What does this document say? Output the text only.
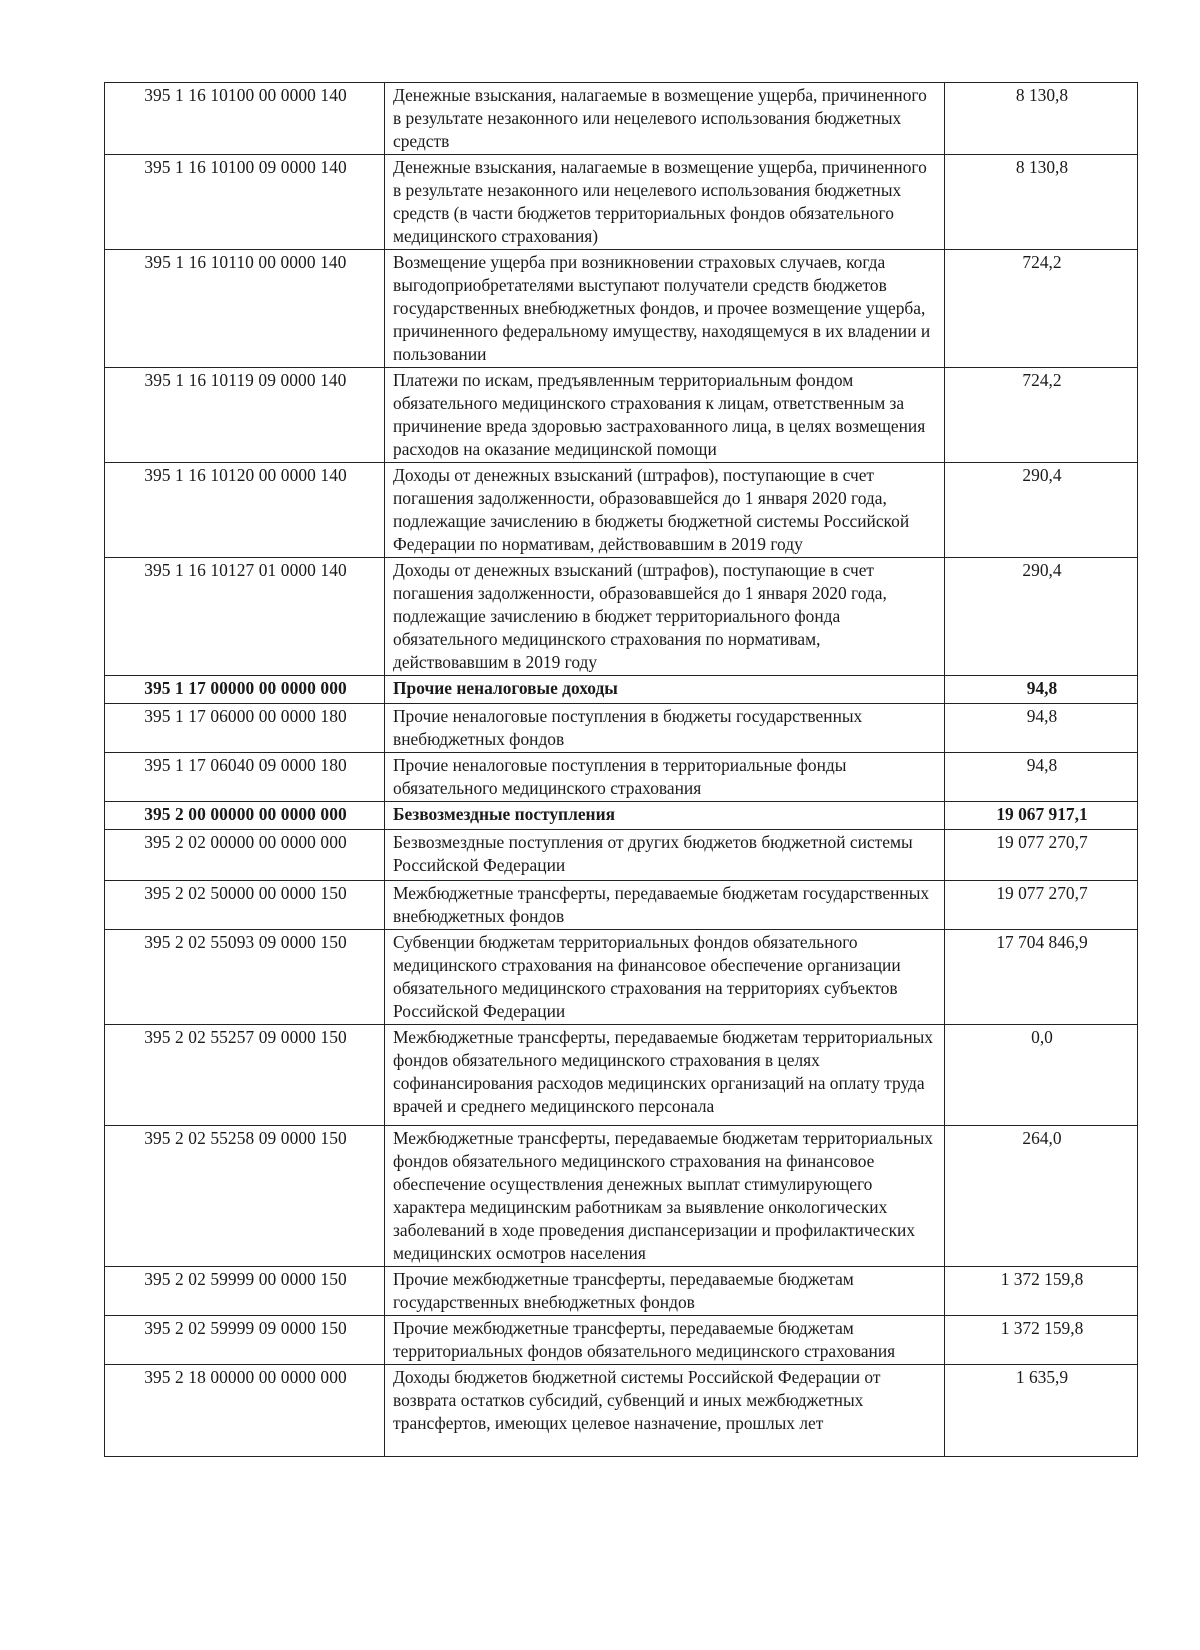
395 1 16 10100 00 0000 140	Денежные взыскания, налагаемые в возмещение ущерба, причиненного в результате незаконного или нецелевого использования бюджетных средств	8 130,8
395 1 16 10100 09 0000 140	Денежные взыскания, налагаемые в возмещение ущерба, причиненного в результате незаконного или нецелевого использования бюджетных средств (в части бюджетов территориальных фондов обязательного медицинского страхования)	8 130,8
395 1 16 10110 00 0000 140	Возмещение ущерба при возникновении страховых случаев, когда выгодоприобретателями выступают получатели средств бюджетов государственных внебюджетных фондов, и прочее возмещение ущерба, причиненного федеральному имуществу, находящемуся в их владении и пользовании	724,2
395 1 16 10119 09 0000 140	Платежи по искам, предъявленным территориальным фондом обязательного медицинского страхования к лицам, ответственным за причинение вреда здоровью застрахованного лица, в целях возмещения расходов на оказание медицинской помощи	724,2
395 1 16 10120 00 0000 140	Доходы от денежных взысканий (штрафов), поступающие в счет погашения задолженности, образовавшейся до 1 января 2020 года, подлежащие зачислению в бюджеты бюджетной системы Российской Федерации по нормативам, действовавшим в 2019 году	290,4
395 1 16 10127 01 0000 140	Доходы от денежных взысканий (штрафов), поступающие в счет погашения задолженности, образовавшейся до 1 января 2020 года, подлежащие зачислению в бюджет территориального фонда обязательного медицинского страхования по нормативам, действовавшим в 2019 году	290,4
395 1 17 00000 00 0000 000	Прочие неналоговые доходы	94,8
395 1 17 06000 00 0000 180	Прочие неналоговые поступления в бюджеты государственных внебюджетных фондов	94,8
395 1 17 06040 09 0000 180	Прочие неналоговые поступления в территориальные фонды обязательного медицинского страхования	94,8
395 2 00 00000 00 0000 000	Безвозмездные поступления	19 067 917,1
395 2 02 00000 00 0000 000	Безвозмездные поступления от других бюджетов бюджетной системы Российской Федерации	19 077 270,7
395 2 02 50000 00 0000 150	Межбюджетные трансферты, передаваемые бюджетам государственных внебюджетных фондов	19 077 270,7
395 2 02 55093 09 0000 150	Субвенции бюджетам территориальных фондов обязательного медицинского страхования на финансовое обеспечение организации обязательного медицинского страхования на территориях субъектов Российской Федерации	17 704 846,9
395 2 02 55257 09 0000 150	Межбюджетные трансферты, передаваемые бюджетам территориальных фондов обязательного медицинского страхования в целях софинансирования расходов медицинских организаций на оплату труда врачей и среднего медицинского персонала	0,0
395 2 02 55258 09 0000 150	Межбюджетные трансферты, передаваемые бюджетам территориальных фондов обязательного медицинского страхования на финансовое обеспечение осуществления денежных выплат стимулирующего характера медицинским работникам за выявление онкологических заболеваний в ходе проведения диспансеризации и профилактических медицинских осмотров населения	264,0
395 2 02 59999 00 0000 150	Прочие межбюджетные трансферты, передаваемые бюджетам государственных внебюджетных фондов	1 372 159,8
395 2 02 59999 09 0000 150	Прочие межбюджетные трансферты, передаваемые бюджетам территориальных фондов обязательного медицинского страхования	1 372 159,8
395 2 18 00000 00 0000 000	Доходы бюджетов бюджетной системы Российской Федерации от возврата остатков субсидий, субвенций и иных межбюджетных трансфертов, имеющих целевое назначение, прошлых лет	1 635,9
